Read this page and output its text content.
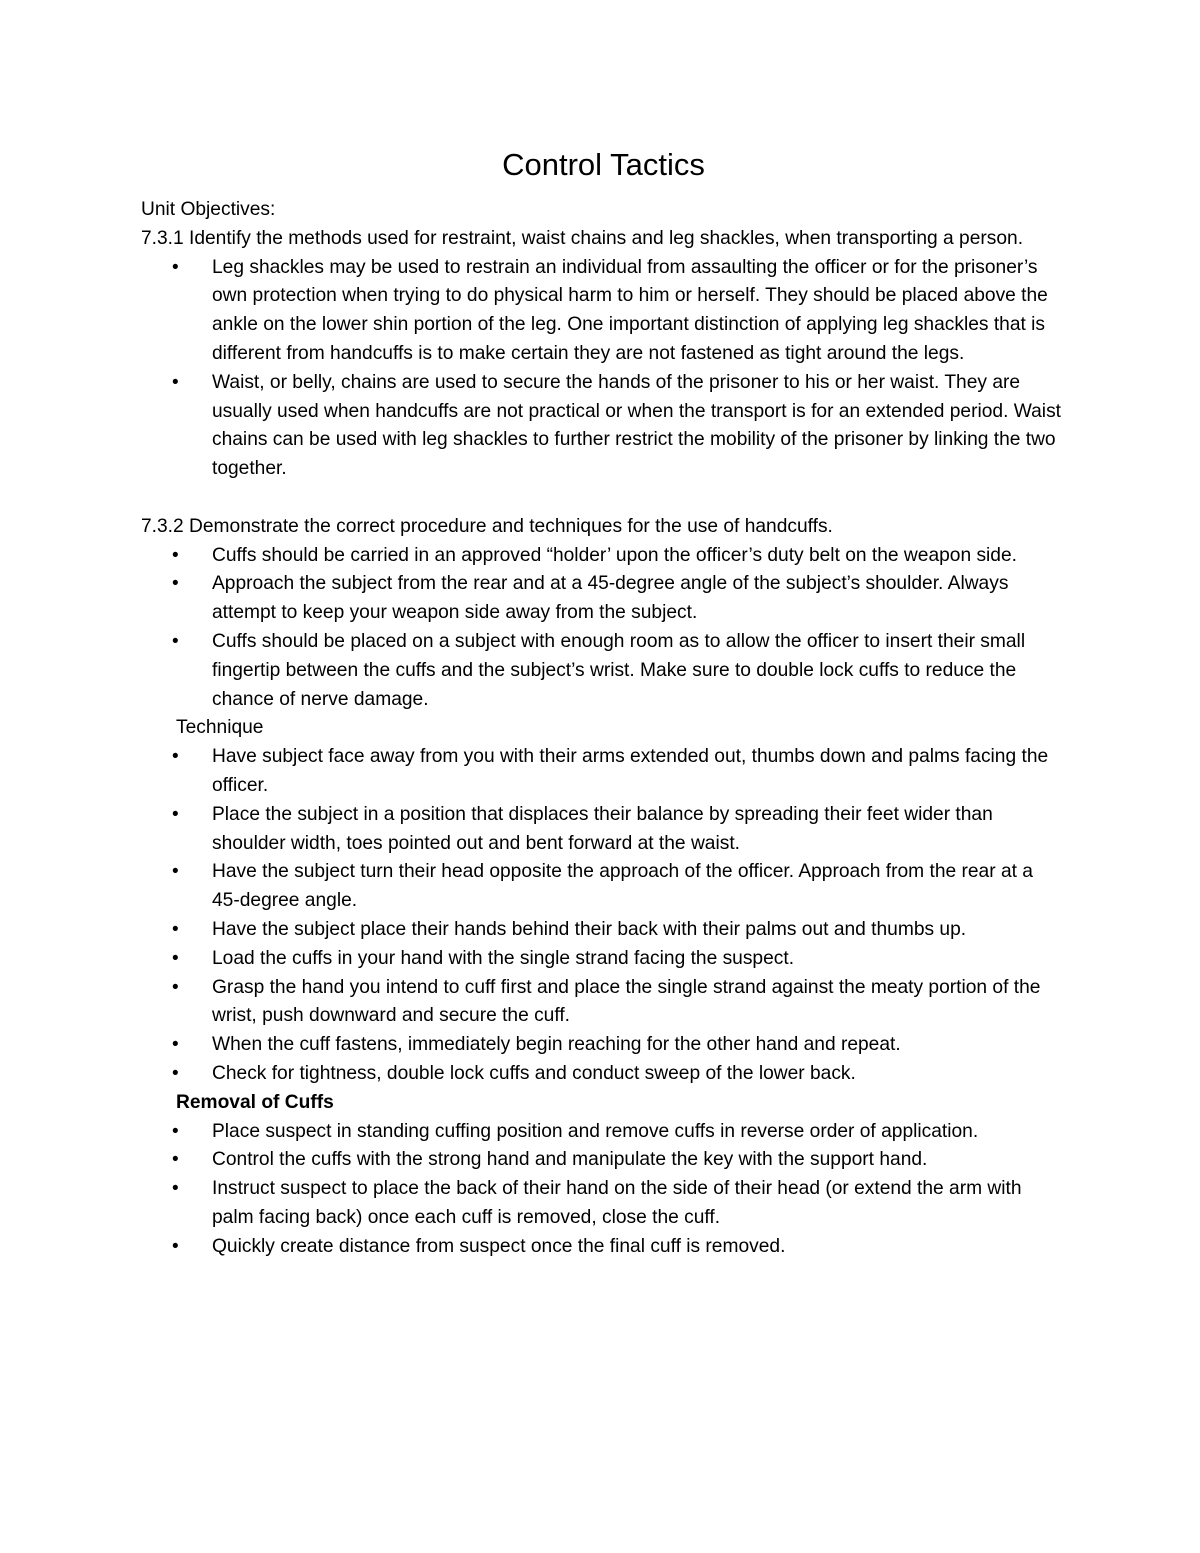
Control Tactics

Unit Objectives:

7.3.1 Identify the methods used for restraint, waist chains and leg shackles, when transporting a person.

• Leg shackles may be used to restrain an individual from assaulting the officer or for the prisoner’s own protection when trying to do physical harm to him or herself. They should be placed above the ankle on the lower shin portion of the leg. One important distinction of applying leg shackles that is different from handcuffs is to make certain they are not fastened as tight around the legs.
• Waist, or belly, chains are used to secure the hands of the prisoner to his or her waist. They are usually used when handcuffs are not practical or when the transport is for an extended period. Waist chains can be used with leg shackles to further restrict the mobility of the prisoner by linking the two together.

7.3.2 Demonstrate the correct procedure and techniques for the use of handcuffs.

• Cuffs should be carried in an approved “holder’ upon the officer’s duty belt on the weapon side.
• Approach the subject from the rear and at a 45-degree angle of the subject’s shoulder. Always attempt to keep your weapon side away from the subject.
• Cuffs should be placed on a subject with enough room as to allow the officer to insert their small fingertip between the cuffs and the subject’s wrist. Make sure to double lock cuffs to reduce the chance of nerve damage.

Technique

• Have subject face away from you with their arms extended out, thumbs down and palms facing the officer.
• Place the subject in a position that displaces their balance by spreading their feet wider than shoulder width, toes pointed out and bent forward at the waist.
• Have the subject turn their head opposite the approach of the officer. Approach from the rear at a 45-degree angle.
• Have the subject place their hands behind their back with their palms out and thumbs up.
• Load the cuffs in your hand with the single strand facing the suspect.
• Grasp the hand you intend to cuff first and place the single strand against the meaty portion of the wrist, push downward and secure the cuff.
• When the cuff fastens, immediately begin reaching for the other hand and repeat.
• Check for tightness, double lock cuffs and conduct sweep of the lower back.

Removal of Cuffs

• Place suspect in standing cuffing position and remove cuffs in reverse order of application.
• Control the cuffs with the strong hand and manipulate the key with the support hand.
• Instruct suspect to place the back of their hand on the side of their head (or extend the arm with palm facing back) once each cuff is removed, close the cuff.
• Quickly create distance from suspect once the final cuff is removed.
